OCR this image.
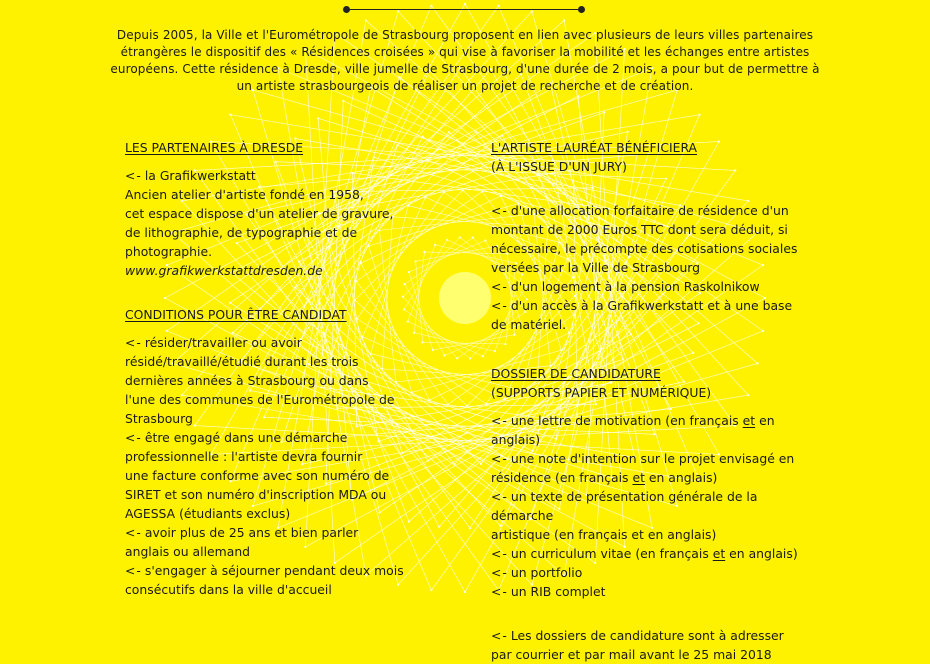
Depuis 2005, la Ville et l'Eurométropole de Strasbourg proposent en lien avec plusieurs de leurs villes partenaires étrangères le dispositif des « Résidences croisées » qui vise à favoriser la mobilité et les échanges entre artistes européens. Cette résidence à Dresde, ville jumelle de Strasbourg, d'une durée de 2 mois, a pour but de permettre à un artiste strasbourgeois de réaliser un projet de recherche et de création.
LES PARTENAIRES À DRESDE
<- la Grafikwerkstatt
Ancien atelier d'artiste fondé en 1958,
cet espace dispose d'un atelier de gravure,
de lithographie, de typographie et de
photographie.
www.grafikwerkstattdresden.de
CONDITIONS POUR ÊTRE CANDIDAT
<- résider/travailler ou avoir
résidé/travaillé/étudié durant les trois
dernières années à Strasbourg ou dans
l'une des communes de l'Eurométropole de
Strasbourg
<- être engagé dans une démarche
professionnelle : l'artiste devra fournir
une facture conforme avec son numéro de
SIRET et son numéro d'inscription MDA ou
AGESSA (étudiants exclus)
<- avoir plus de 25 ans et bien parler
anglais ou allemand
<- s'engager à séjourner pendant deux mois
consécutifs dans la ville d'accueil
L'ARTISTE LAURÉAT BÉNÉFICIERA
(À L'ISSUE D'UN JURY)
<- d'une allocation forfaitaire de résidence d'un
montant de 2000 Euros TTC dont sera déduit, si
nécessaire, le précompte des cotisations sociales
versées par la Ville de Strasbourg
<- d'un logement à la pension Raskolnikow
<- d'un accès à la Grafikwerkstatt et à une base
de matériel.
DOSSIER DE CANDIDATURE
(SUPPORTS PAPIER ET NUMÉRIQUE)
<- une lettre de motivation (en français et en anglais)
<- une note d'intention sur le projet envisagé en
résidence (en français et en anglais)
<- un texte de présentation générale de la démarche
artistique (en français et en anglais)
<- un curriculum vitae (en français et en anglais)
<- un portfolio
<- un RIB complet
<- Les dossiers de candidature sont à adresser
par courrier et par mail avant le 25 mai 2018
